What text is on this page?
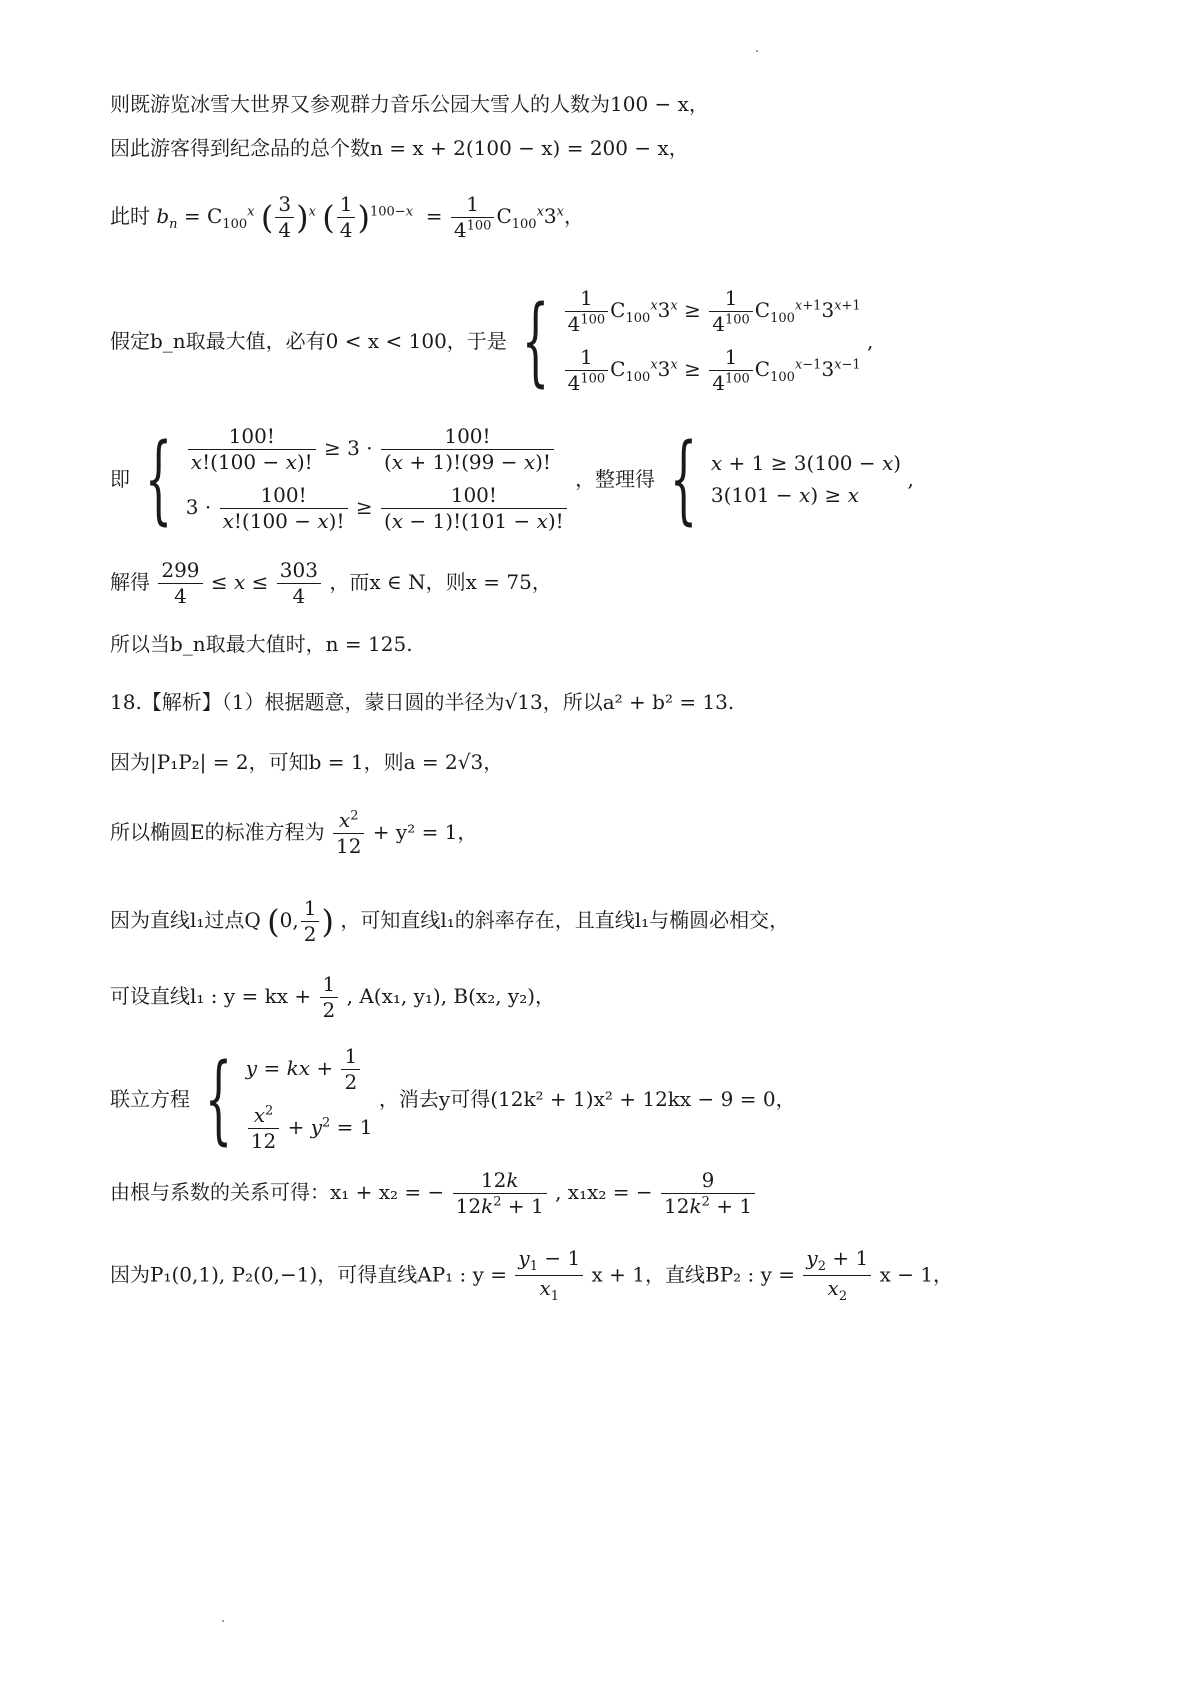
则既游览冰雪大世界又参观群力音乐公园大雪人的人数为100 − x，
因此游客得到纪念品的总个数n = x + 2(100 − x) = 200 − x，
此时 $b_n = C_{100}^x$ ( $\frac{3}{4} )^x$ ( $\frac{1}{4} )^{100-x} = \frac{1}{4^{100}} C_{100}^x3^x$，
假定b_n取最大值，必有0 < x < 100，于是 { $\frac{1}{4^{100}} C_{100}^x3^x \ge \frac{1}{4^{100}} C_{100}^{x+1}3^{x+1}$
$\frac{1}{4^{100}} C_{100}^x3^x \ge \frac{1}{4^{100}} C_{100}^{x-1}3^{x-1}$
,
即 { $\frac{100!}{x!(100 - x)!} \ge 3 \cdot \frac{100!}{(x + 1)!(99 - x)!}$
$3 \cdot \frac{100!}{x!(100 - x)!} \ge \frac{100!}{(x - 1)!(101 - x)!}$
，整理得 { x + 1 ≥ 3(100 − x)
3(101 − x) ≥ x
,
解得 $\frac{299}{4} \le x \le \frac{303}{4}$ ，而x ∈ N，则x = 75，
所以当b_n取最大值时，n = 125.
18.【解析】（1）根据题意，蒙日圆的半径为√13，所以a² + b² = 13.
因为|P₁P₂| = 2，可知b = 1，则a = 2√3，
所以椭圆E的标准方程为 $\frac{x^2}{12} + y^2 = 1$，
因为直线l₁过点Q (0, $\frac{1}{2}$ ) ，可知直线l₁的斜率存在，且直线l₁与椭圆必相交，
可设直线l₁ : y = kx + $\frac{1}{2}$ , A(x₁, y₁), B(x₂, y₂)，
联立方程 { y = kx + $\frac{1}{2}$
$\frac{x^2}{12} + y^2 = 1$
，消去y可得(12k² + 1)x² + 12kx − 9 = 0，
由根与系数的关系可得：x₁ + x₂ = − $\frac{12k}{12k^2 + 1}$ , x₁x₂ = − $\frac{9}{12k^2 + 1}$
因为P₁(0,1), P₂(0,−1)，可得直线AP₁ : $y = \frac{y_1 - 1}{x_1}$ x + 1，直线BP₂ : $y = \frac{y_2 + 1}{x_2}$ x − 1，
